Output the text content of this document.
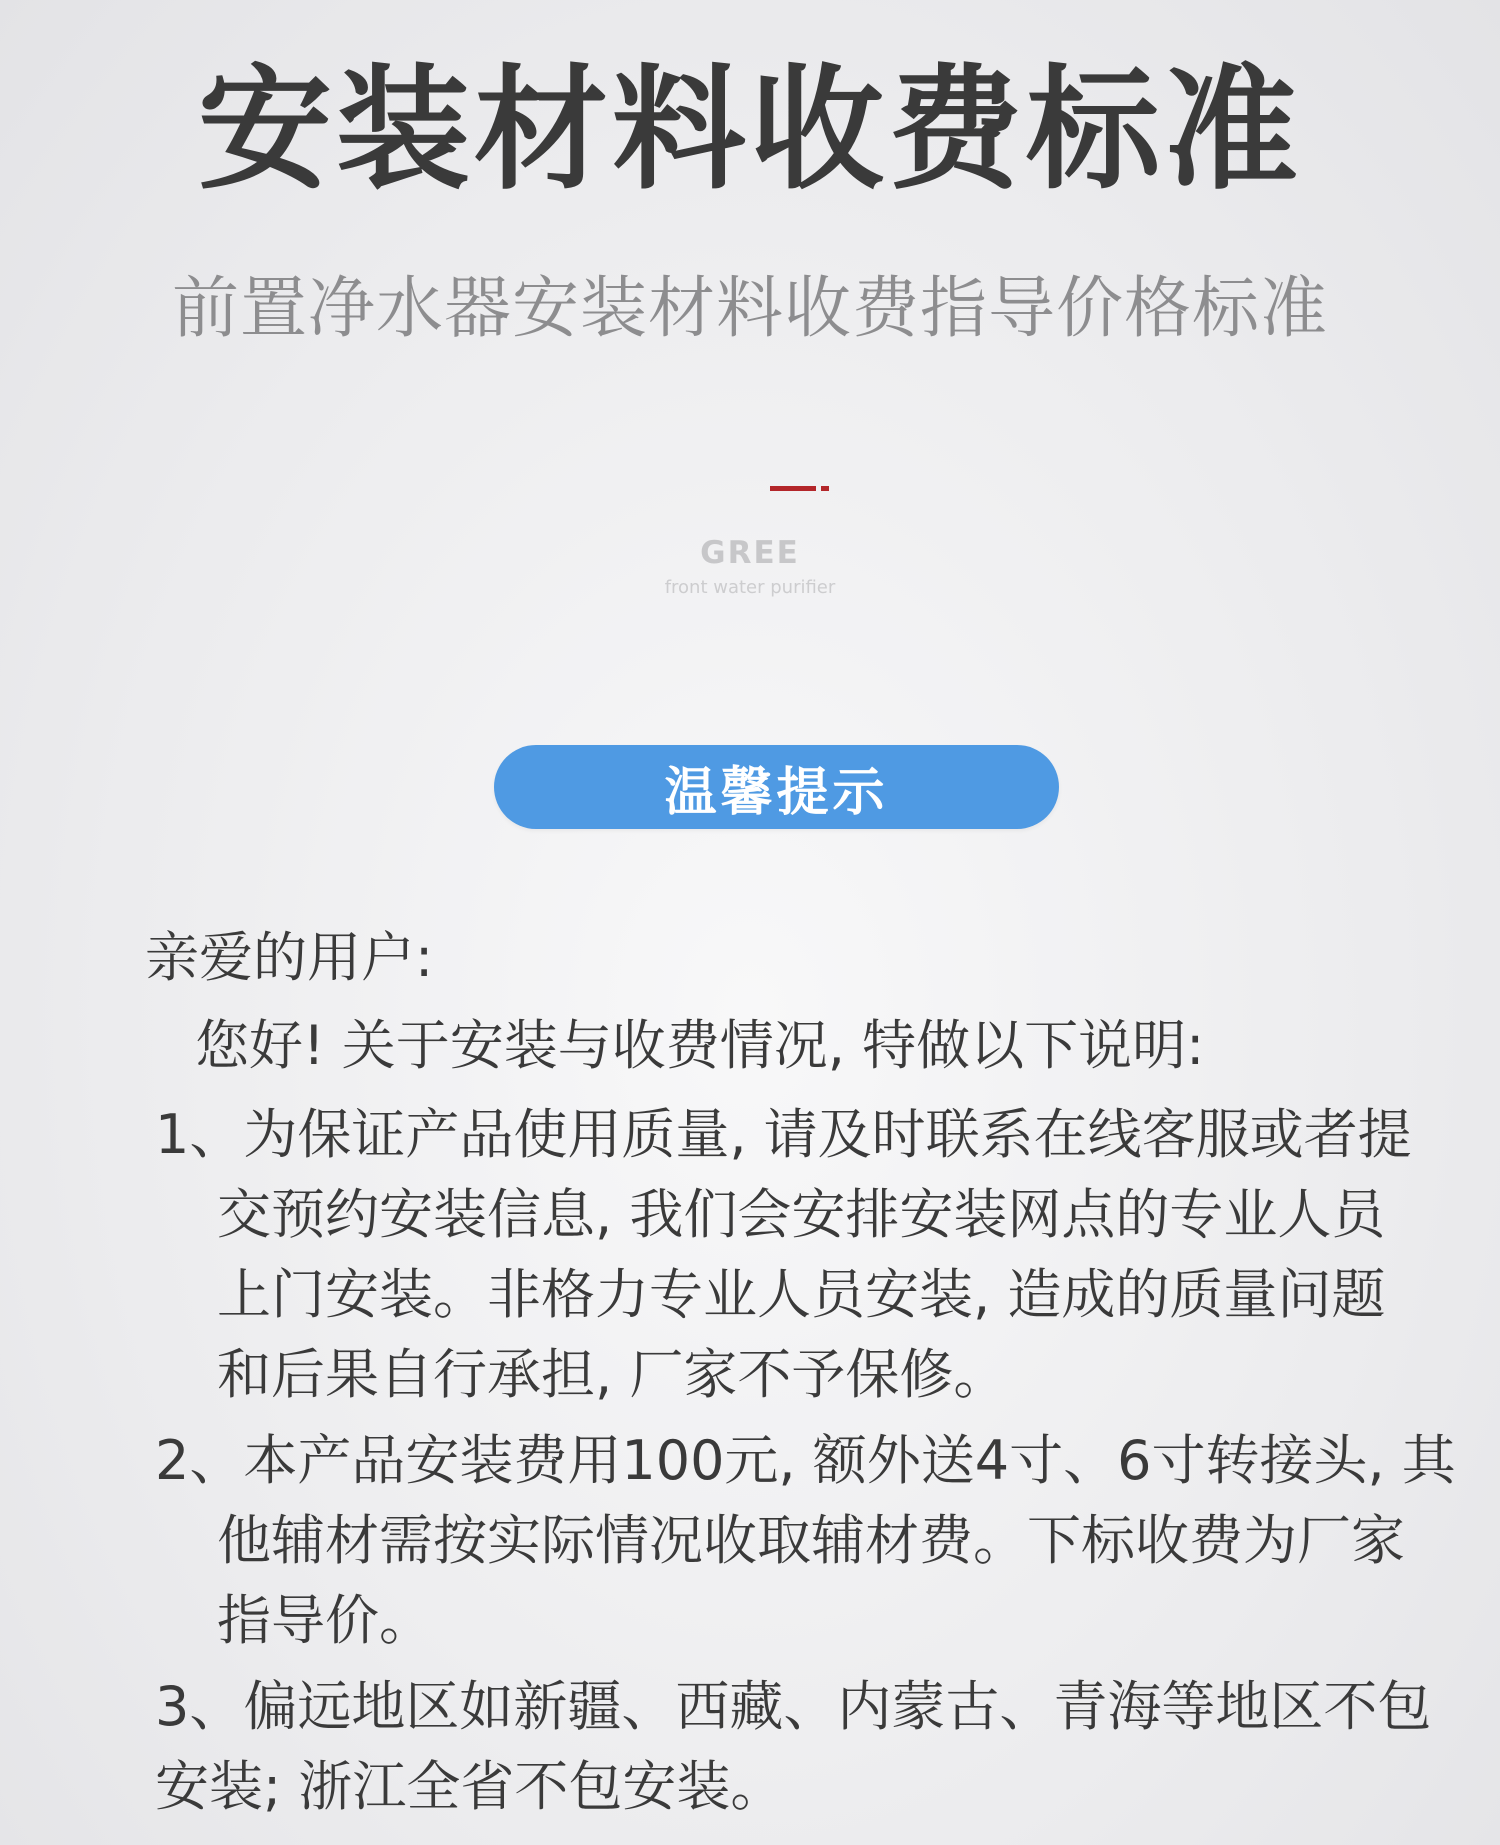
安装材料收费标准
前置净水器安装材料收费指导价格标准
GREE
front water purifier
温馨提示
亲爱的用户:
您好! 关于安装与收费情况, 特做以下说明:
1、为保证产品使用质量, 请及时联系在线客服或者提
交预约安装信息, 我们会安排安装网点的专业人员
上门安装。非格力专业人员安装, 造成的质量问题
和后果自行承担, 厂家不予保修。
2、本产品安装费用100元, 额外送4寸、6寸转接头, 其
他辅材需按实际情况收取辅材费。下标收费为厂家
指导价。
3、偏远地区如新疆、西藏、内蒙古、青海等地区不包
安装; 浙江全省不包安装。
